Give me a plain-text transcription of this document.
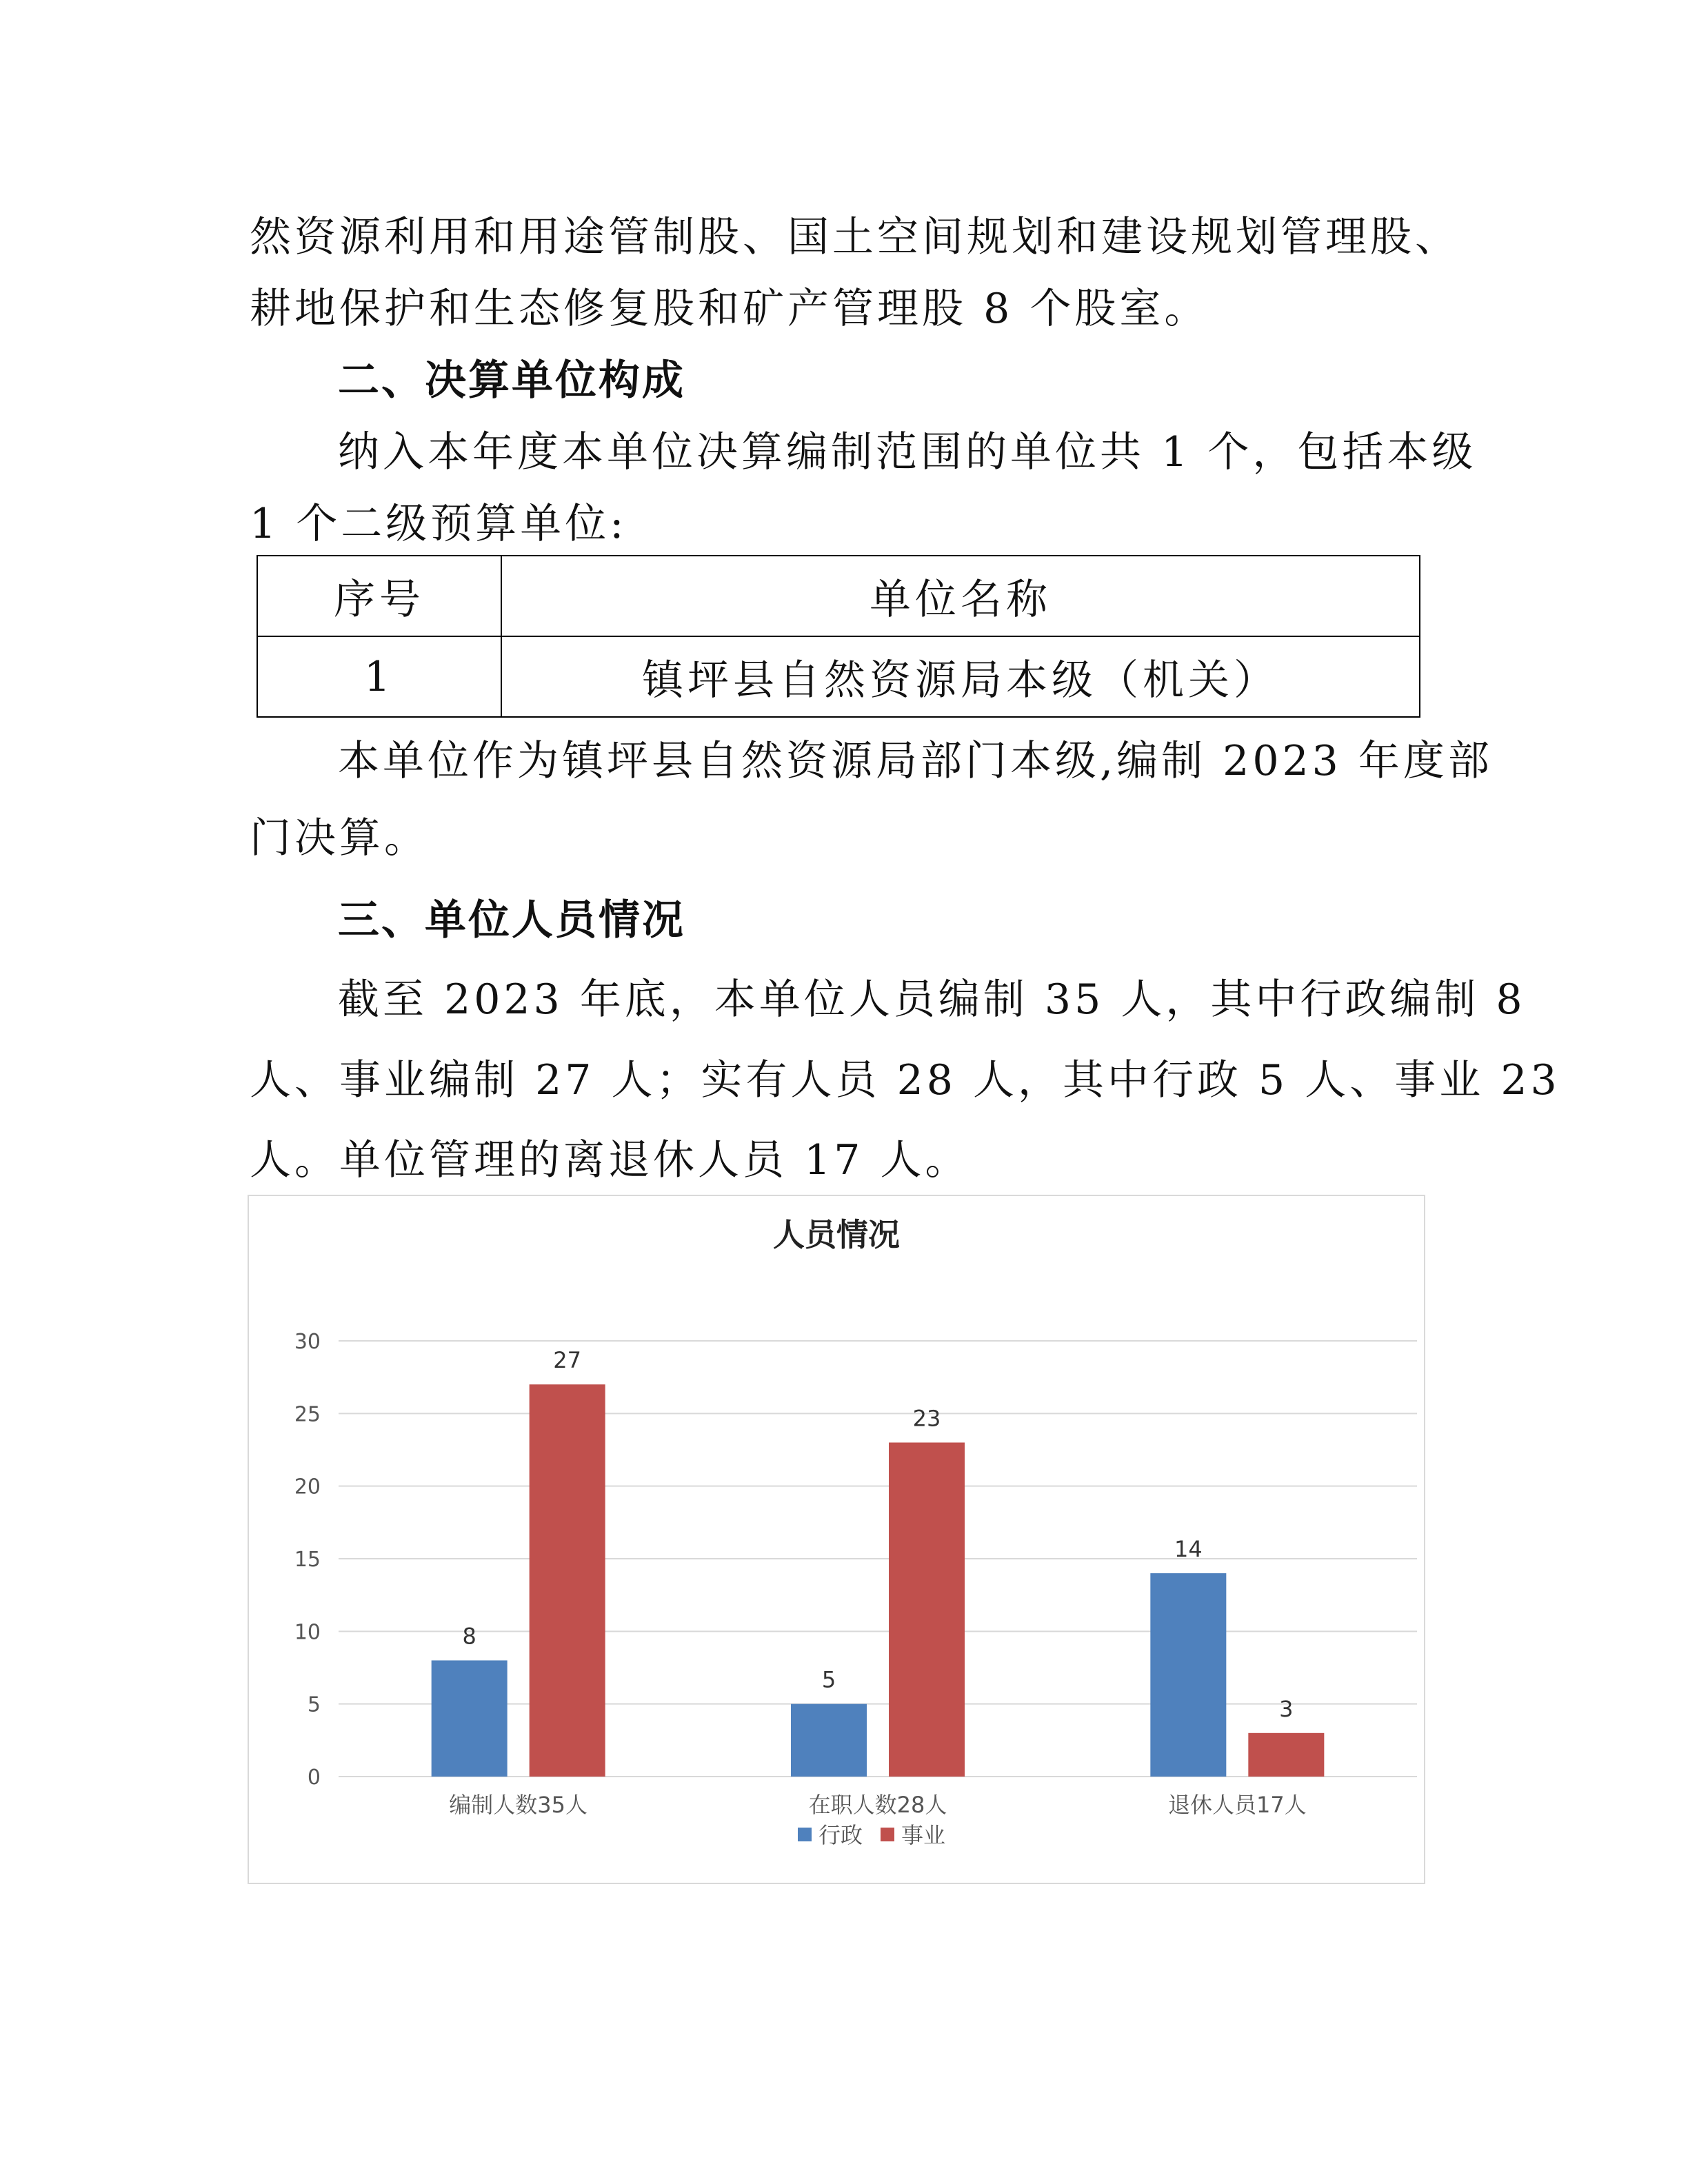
然资源利用和用途管制股、国土空间规划和建设规划管理股、
耕地保护和生态修复股和矿产管理股 8 个股室。
二、决算单位构成
纳入本年度本单位决算编制范围的单位共 1 个，包括本级
1 个二级预算单位:
序号	单位名称
1	镇坪县自然资源局本级（机关）
本单位作为镇坪县自然资源局部门本级,编制 2023 年度部
门决算。
三、单位人员情况
截至 2023 年底，本单位人员编制 35 人，其中行政编制 8
人、事业编制 27 人；实有人员 28 人，其中行政 5 人、事业 23
人。单位管理的离退休人员 17 人。
人员情况
0
5
10
15
20
25
30
8
27
5
23
14
3
编制人数35人	在职人数28人	退休人员17人
行政 事业
